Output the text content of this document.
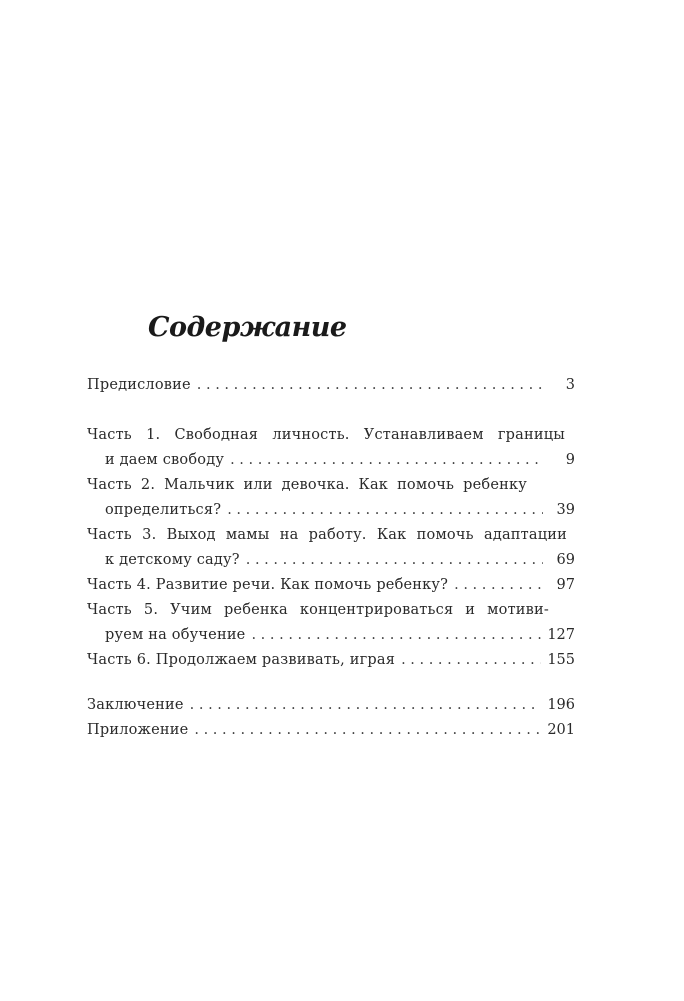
Содержание
Предисловие . . .	3
Часть 1. Свободная личность. Устанавливаем границы
и даем свободу . . .	9
Часть 2. Мальчик или девочка. Как помочь ребенку
определиться? . . .	39
Часть 3. Выход мамы на работу. Как помочь адаптации
к детскому саду? . . .	69
Часть 4. Развитие речи. Как помочь ребенку? . . .	97
Часть 5. Учим ребенка концентрироваться и мотиви-
руем на обучение . . .	127
Часть 6. Продолжаем развивать, играя . . .	155
Заключение . . .	196
Приложение . . .	201
